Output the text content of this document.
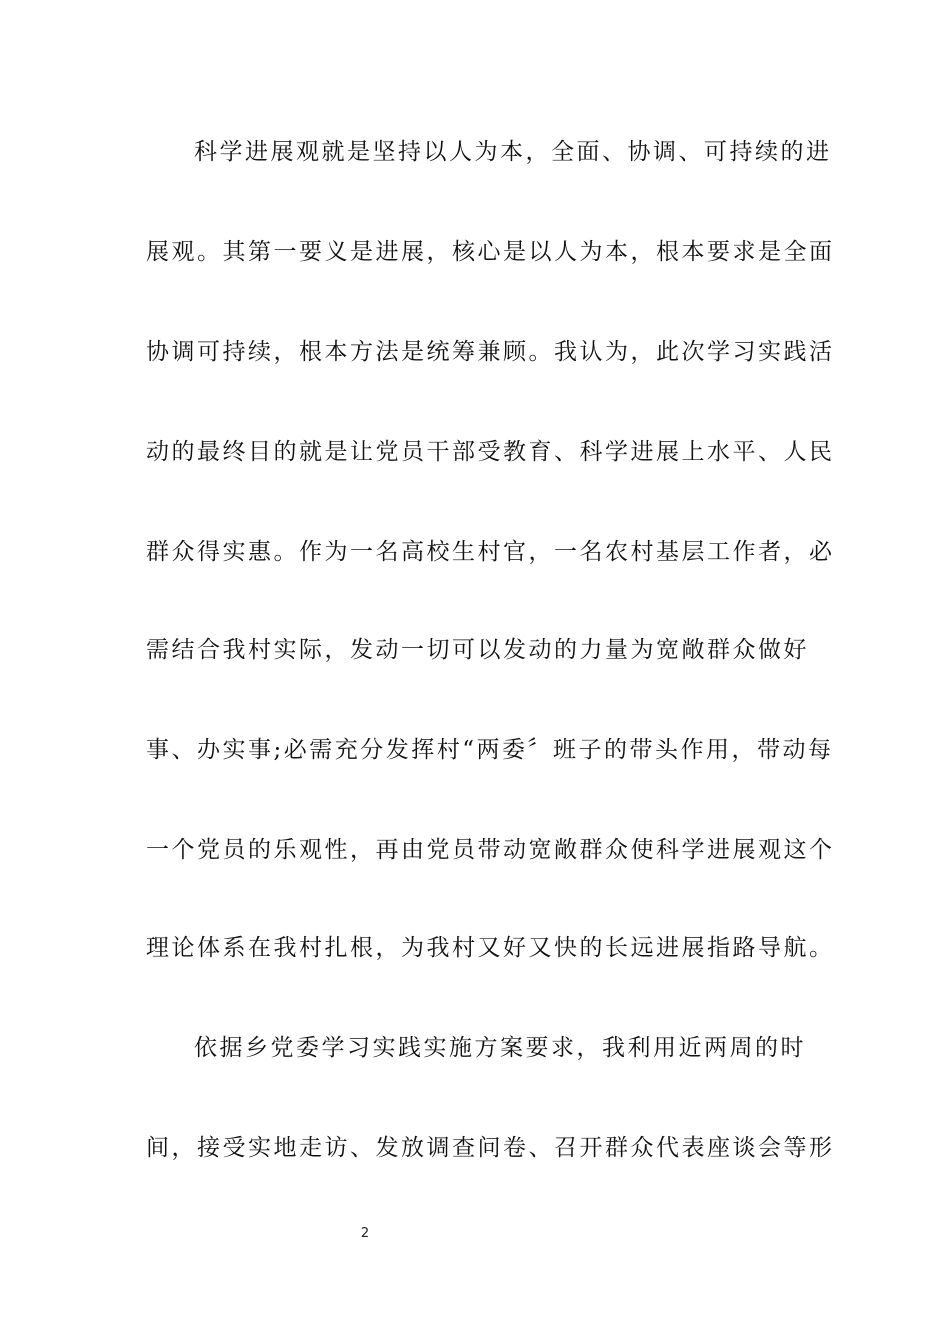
科学进展观就是坚持以人为本，全面、协调、可持续的进
展观。其第一要义是进展，核心是以人为本，根本要求是全面
协调可持续，根本方法是统筹兼顾。我认为，此次学习实践活
动的最终目的就是让党员干部受教育、科学进展上水平、人民
群众得实惠。作为一名高校生村官，一名农村基层工作者，必
需结合我村实际，发动一切可以发动的力量为宽敞群众做好
事、办实事;必需充分发挥村“两委〞班子的带头作用，带动每
一个党员的乐观性，再由党员带动宽敞群众使科学进展观这个
理论体系在我村扎根，为我村又好又快的长远进展指路导航。
依据乡党委学习实践实施方案要求，我利用近两周的时
间，接受实地走访、发放调查问卷、召开群众代表座谈会等形
2
